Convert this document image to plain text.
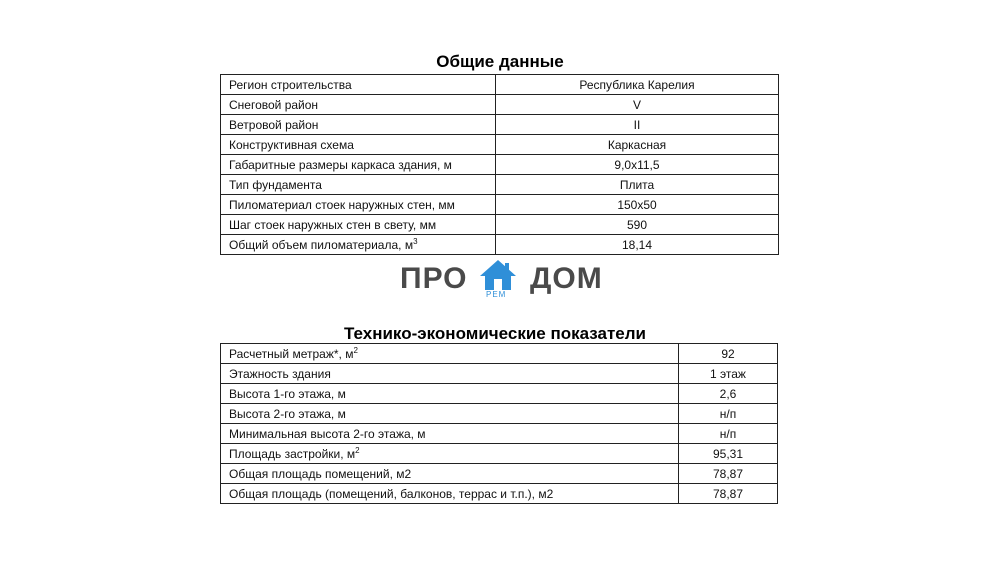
Общие данные
Регион строительства	Республика Карелия
Снеговой район	V
Ветровой район	II
Конструктивная схема	Каркасная
Габаритные размеры каркаса здания, м	9,0x11,5
Тип фундамента	Плита
Пиломатериал стоек наружных стен, мм	150x50
Шаг стоек наружных стен в свету, мм	590
Общий объем пиломатериала, $м^3$	18,14
ПРО РЕМ ДОМ
Технико-экономические показатели
Расчетный метраж*, $м^2$	92
Этажность здания	1 этаж
Высота 1-го этажа, м	2,6
Высота 2-го этажа, м	н/п
Минимальная высота 2-го этажа, м	н/п
Площадь застройки, $м^2$	95,31
Общая площадь помещений, м2	78,87
Общая площадь (помещений, балконов, террас и т.п.), м2	78,87
